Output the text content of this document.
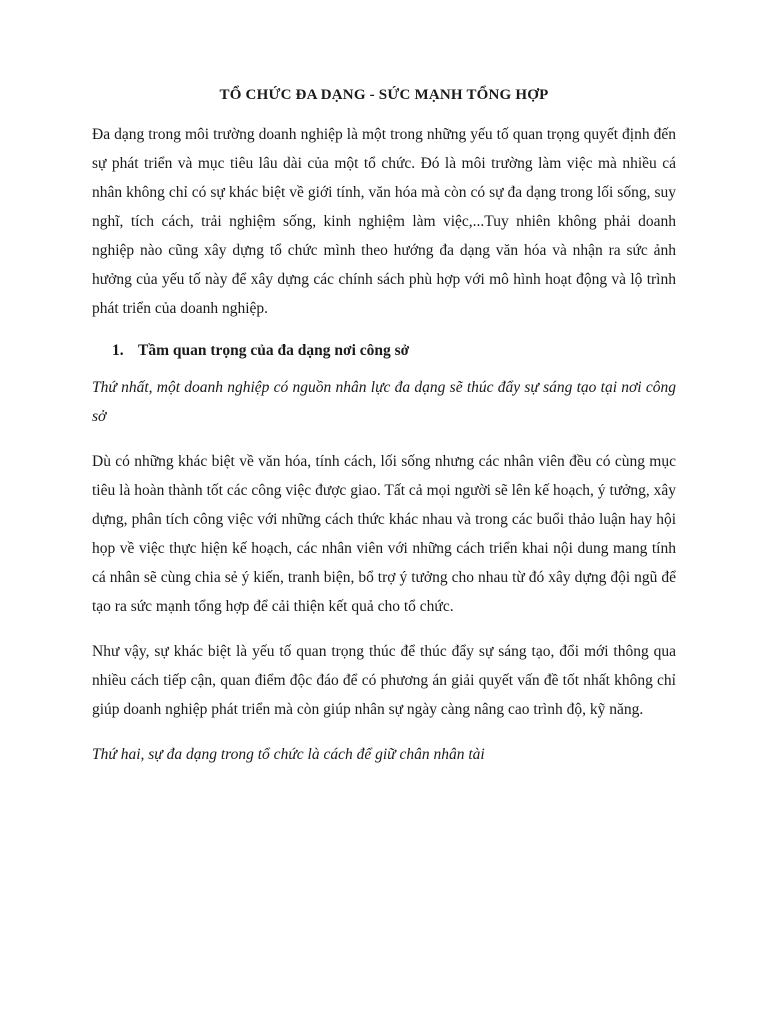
TỔ CHỨC ĐA DẠNG - SỨC MẠNH TỔNG HỢP

Đa dạng trong môi trường doanh nghiệp là một trong những yếu tố quan trọng quyết định đến sự phát triển và mục tiêu lâu dài của một tổ chức. Đó là môi trường làm việc mà nhiều cá nhân không chỉ có sự khác biệt về giới tính, văn hóa mà còn có sự đa dạng trong lối sống, suy nghĩ, tích cách, trải nghiệm sống, kinh nghiệm làm việc,...Tuy nhiên không phải doanh nghiệp nào cũng xây dựng tổ chức mình theo hướng đa dạng văn hóa và nhận ra sức ảnh hưởng của yếu tố này để xây dựng các chính sách phù hợp với mô hình hoạt động và lộ trình phát triển của doanh nghiệp.

1. Tầm quan trọng của đa dạng nơi công sở

Thứ nhất, một doanh nghiệp có nguồn nhân lực đa dạng sẽ thúc đẩy sự sáng tạo tại nơi công sở

Dù có những khác biệt về văn hóa, tính cách, lối sống nhưng các nhân viên đều có cùng mục tiêu là hoàn thành tốt các công việc được giao. Tất cả mọi người sẽ lên kế hoạch, ý tưởng, xây dựng, phân tích công việc với những cách thức khác nhau và trong các buổi thảo luận hay hội họp về việc thực hiện kế hoạch, các nhân viên với những cách triển khai nội dung mang tính cá nhân sẽ cùng chia sẻ ý kiến, tranh biện, bổ trợ ý tưởng cho nhau từ đó xây dựng đội ngũ để tạo ra sức mạnh tổng hợp để cải thiện kết quả cho tổ chức.

Như vậy, sự khác biệt là yếu tố quan trọng thúc để thúc đẩy sự sáng tạo, đổi mới thông qua nhiều cách tiếp cận, quan điểm độc đáo để có phương án giải quyết vấn đề tốt nhất không chỉ giúp doanh nghiệp phát triển mà còn giúp nhân sự ngày càng nâng cao trình độ, kỹ năng.

Thứ hai, sự đa dạng trong tổ chức là cách để giữ chân nhân tài
